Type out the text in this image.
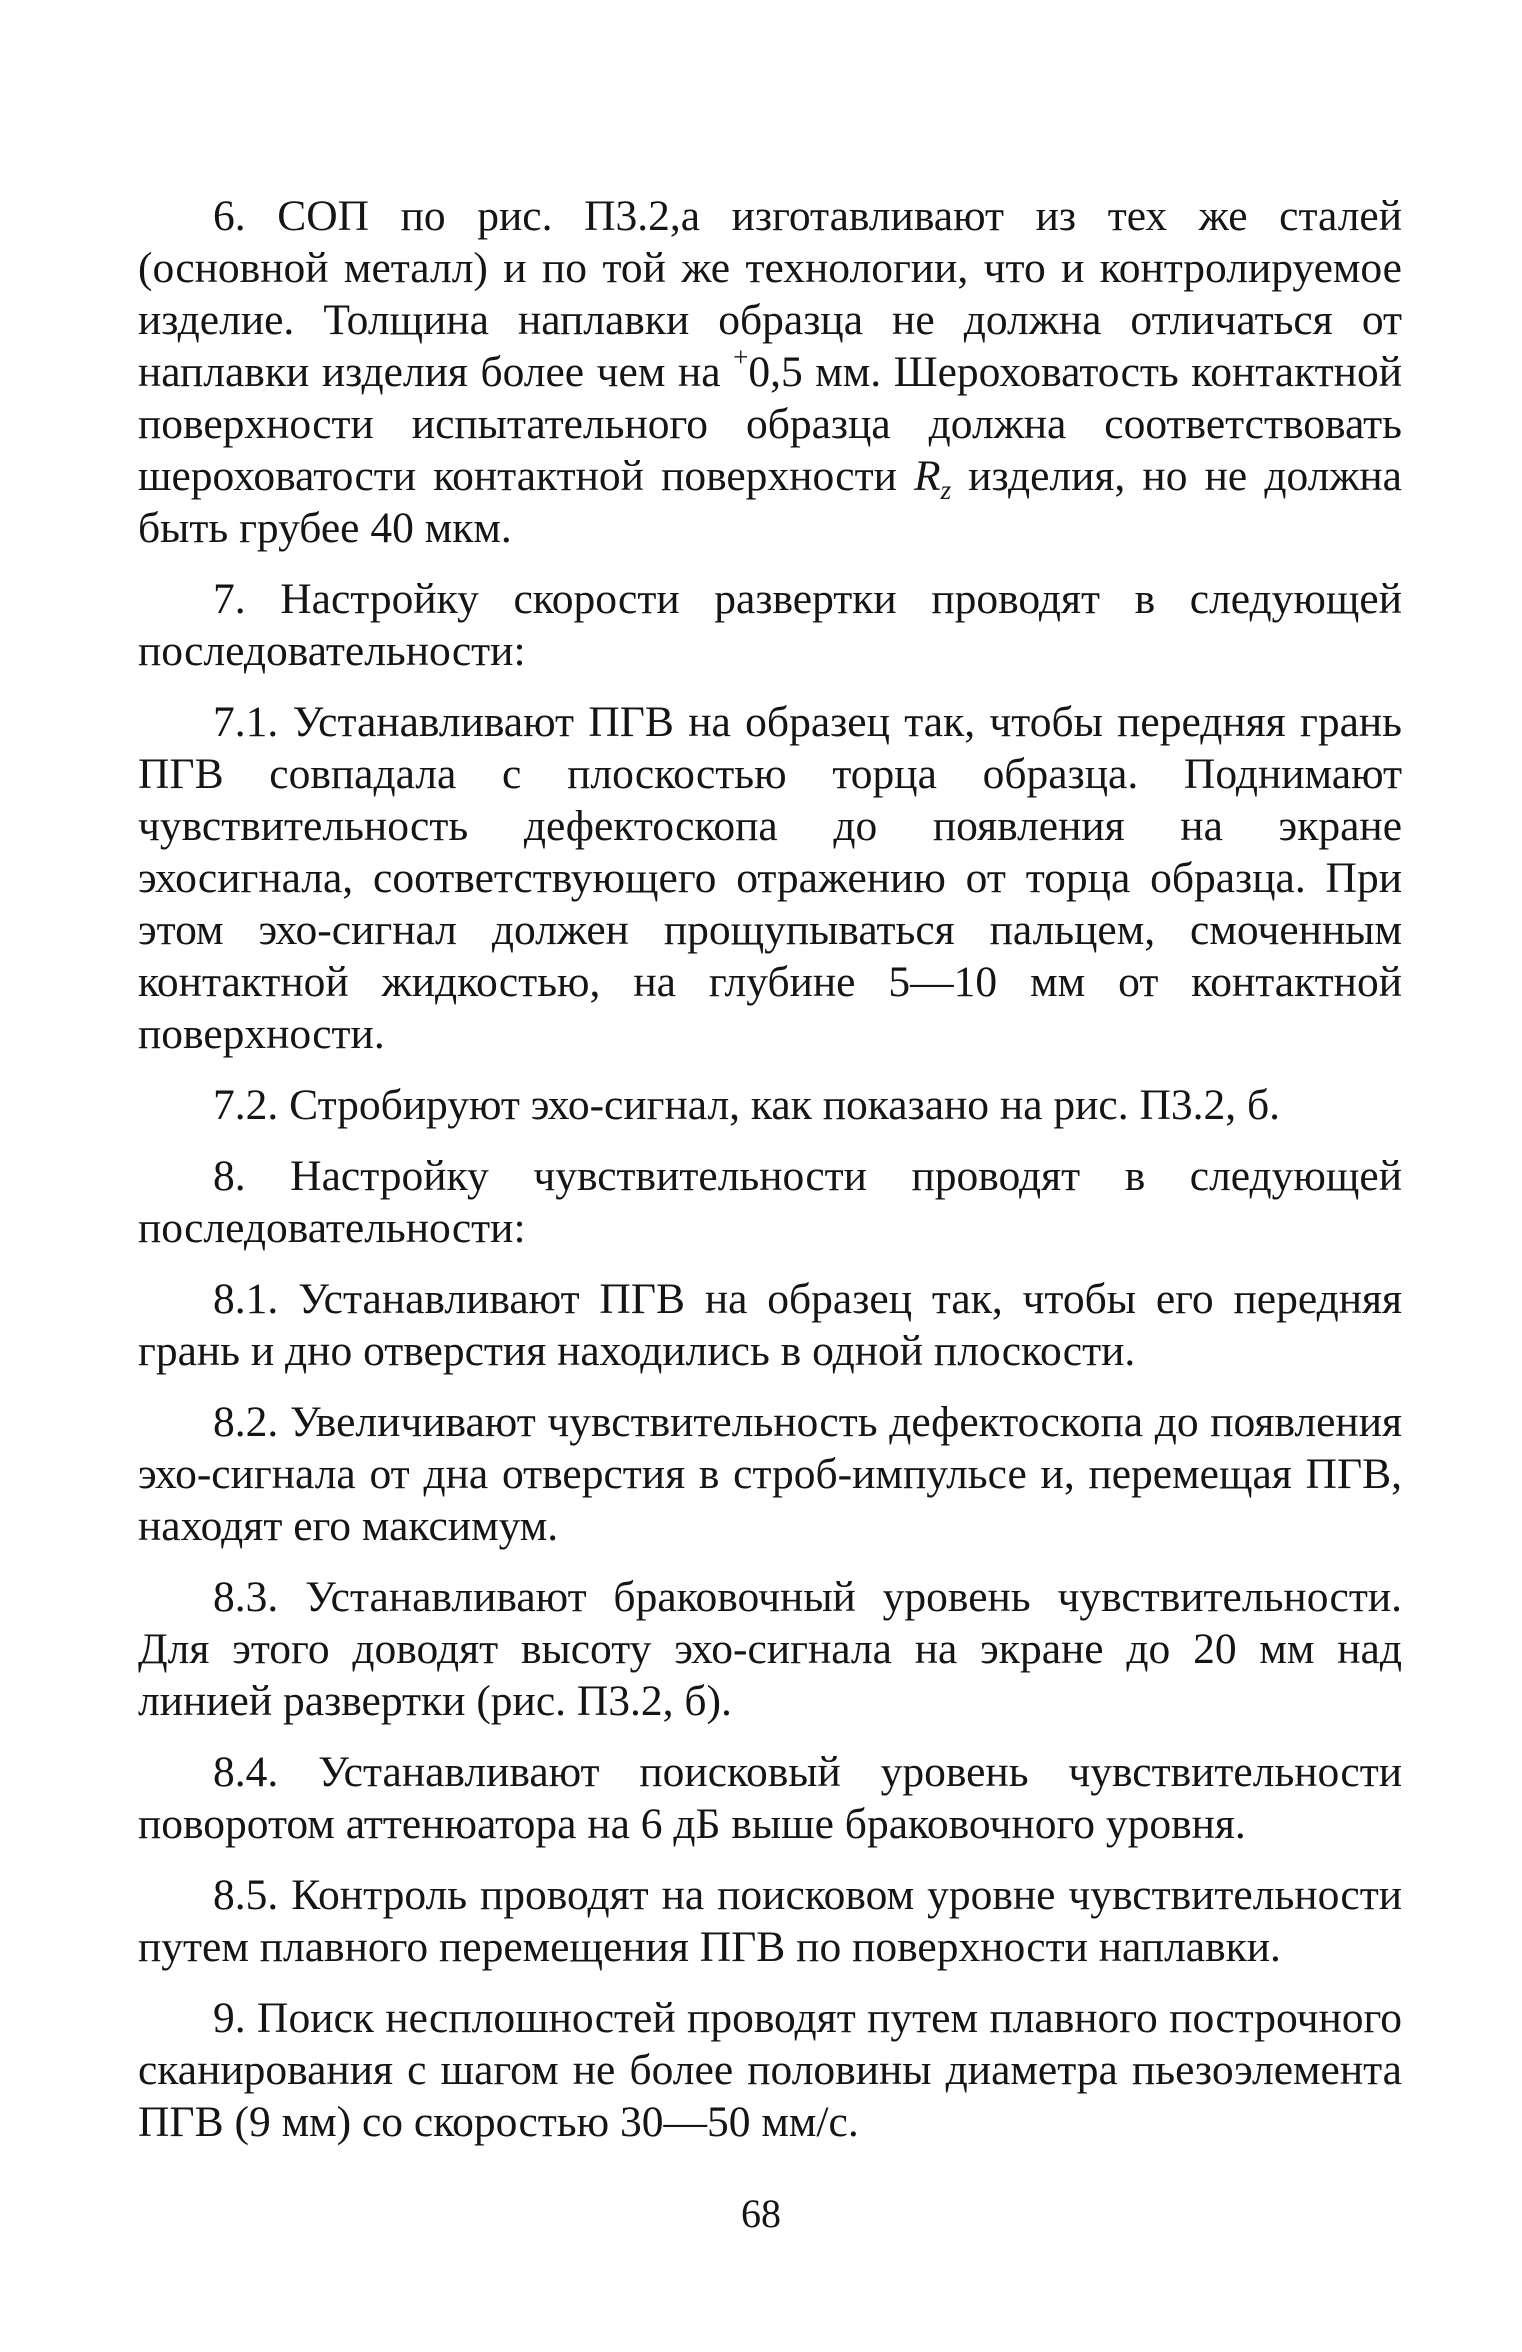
6. СОП по рис. П3.2,а изготавливают из тех же сталей (основной металл) и по той же технологии, что и контролируемое изделие. Толщина наплавки образца не должна отличаться от наплавки изделия более чем на +0,5 мм. Шероховатость контактной поверхности испытательного образца должна соответствовать шероховатости контактной поверхности $R_z$ изделия, но не должна быть грубее 40 мкм.

7. Настройку скорости развертки проводят в следующей последовательности:

7.1. Устанавливают ПГВ на образец так, чтобы передняя грань ПГВ совпадала с плоскостью торца образца. Поднимают чувствительность дефектоскопа до появления на экране эхосигнала, соответствующего отражению от торца образца. При этом эхо-сигнал должен прощупываться пальцем, смоченным контактной жидкостью, на глубине 5—10 мм от контактной поверхности.

7.2. Стробируют эхо-сигнал, как показано на рис. П3.2, б.

8. Настройку чувствительности проводят в следующей последовательности:

8.1. Устанавливают ПГВ на образец так, чтобы его передняя грань и дно отверстия находились в одной плоскости.

8.2. Увеличивают чувствительность дефектоскопа до появления эхо-сигнала от дна отверстия в строб-импульсе и, перемещая ПГВ, находят его максимум.

8.3. Устанавливают браковочный уровень чувствительности. Для этого доводят высоту эхо-сигнала на экране до 20 мм над линией развертки (рис. П3.2, б).

8.4. Устанавливают поисковый уровень чувствительности поворотом аттенюатора на 6 дБ выше браковочного уровня.

8.5. Контроль проводят на поисковом уровне чувствительности путем плавного перемещения ПГВ по поверхности наплавки.

9. Поиск несплошностей проводят путем плавного построчного сканирования с шагом не более половины диаметра пьезоэлемента ПГВ (9 мм) со скоростью 30—50 мм/с.

68
